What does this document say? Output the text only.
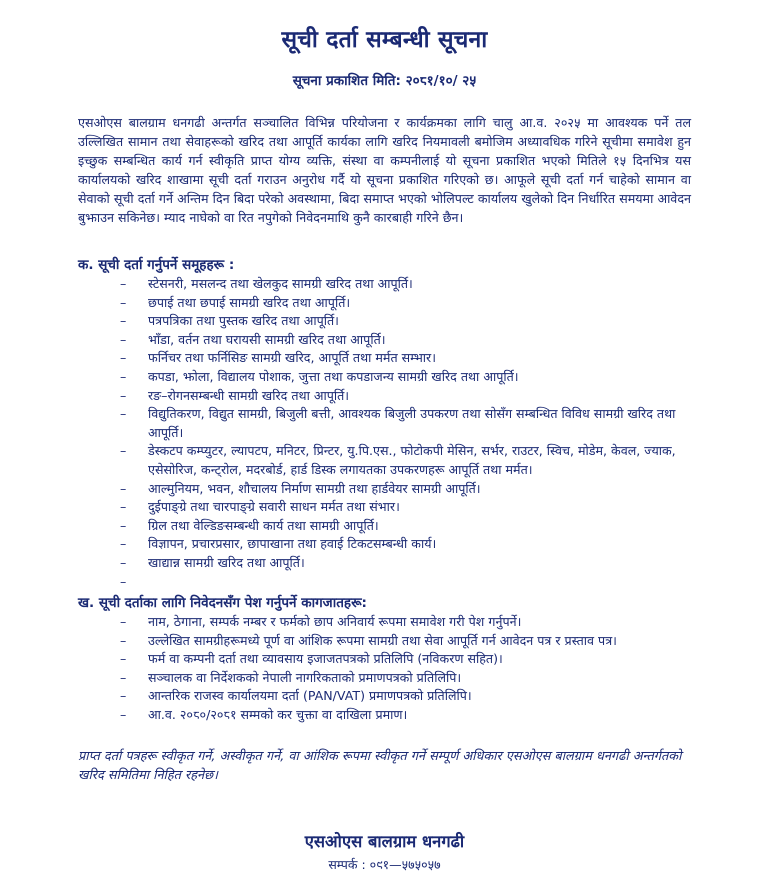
सूची दर्ता सम्बन्धी सूचना
सूचना प्रकाशित मिति: २०८१/१०/ २५

एसओएस बालग्राम धनगढी अन्तर्गत सञ्चालित विभिन्न परियोजना र कार्यक्रमका लागि चालु आ.व. २०२५ मा आवश्यक पर्ने तल उल्लिखित सामान तथा सेवाहरूको खरिद तथा आपूर्ति कार्यका लागि खरिद नियमावली बमोजिम अध्यावधिक गरिने सूचीमा समावेश हुन इच्छुक सम्बन्धित कार्य गर्न स्वीकृति प्राप्त योग्य व्यक्ति, संस्था वा कम्पनीलाई यो सूचना प्रकाशित भएको मितिले १५ दिनभित्र यस कार्यालयको खरिद शाखामा सूची दर्ता गराउन अनुरोध गर्दै यो सूचना प्रकाशित गरिएको छ। आफूले सूची दर्ता गर्न चाहेको सामान वा सेवाको सूची दर्ता गर्ने अन्तिम दिन बिदा परेको अवस्थामा, बिदा समाप्त भएको भोलिपल्ट कार्यालय खुलेको दिन निर्धारित समयमा आवेदन बुझाउन सकिनेछ। म्याद नाघेको वा रित नपुगेको निवेदनमाथि कुनै कारबाही गरिने छैन।

क. सूची दर्ता गर्नुपर्ने समूहहरू :
–	स्टेसनरी, मसलन्द तथा खेलकुद सामग्री खरिद तथा आपूर्ति।
–	छपाई तथा छपाई सामग्री खरिद तथा आपूर्ति।
–	पत्रपत्रिका तथा पुस्तक खरिद तथा आपूर्ति।
–	भाँडा, वर्तन तथा घरायसी सामग्री खरिद तथा आपूर्ति।
–	फर्निचर तथा फर्निसिङ सामग्री खरिद, आपूर्ति तथा मर्मत सम्भार।
–	कपडा, झोला, विद्यालय पोशाक, जुत्ता तथा कपडाजन्य सामग्री खरिद तथा आपूर्ति।
–	रङ–रोगनसम्बन्धी सामग्री खरिद तथा आपूर्ति।
–	विद्युतिकरण, विद्युत सामग्री, बिजुली बत्ती, आवश्यक बिजुली उपकरण तथा सोसँग सम्बन्धित विविध सामग्री खरिद तथा आपूर्ति।
–	डेस्कटप कम्प्युटर, ल्यापटप, मनिटर, प्रिन्टर, यु.पि.एस., फोटोकपी मेसिन, सर्भर, राउटर, स्विच, मोडेम, केवल, ज्याक, एसेसोरिज, कन्ट्रोल, मदरबोर्ड, हार्ड डिस्क लगायतका उपकरणहरू आपूर्ति तथा मर्मत।
–	आल्मुनियम, भवन, शौचालय निर्माण सामग्री तथा हार्डवेयर सामग्री आपूर्ति।
–	दुईपाङ्ग्रे तथा चारपाङ्ग्रे सवारी साधन मर्मत तथा संभार।
–	ग्रिल तथा वेल्डिङसम्बन्धी कार्य तथा सामग्री आपूर्ति।
–	विज्ञापन, प्रचारप्रसार, छापाखाना तथा हवाई टिकटसम्बन्धी कार्य।
–	खाद्यान्न सामग्री खरिद तथा आपूर्ति।
–
ख. सूची दर्ताका लागि निवेदनसँग पेश गर्नुपर्ने कागजातहरू:
–	नाम, ठेगाना, सम्पर्क नम्बर र फर्मको छाप अनिवार्य रूपमा समावेश गरी पेश गर्नुपर्ने।
–	उल्लेखित सामग्रीहरूमध्ये पूर्ण वा आंशिक रूपमा सामग्री तथा सेवा आपूर्ति गर्न आवेदन पत्र र प्रस्ताव पत्र।
–	फर्म वा कम्पनी दर्ता तथा व्यावसाय इजाजतपत्रको प्रतिलिपि (नविकरण सहित)।
–	सञ्चालक वा निर्देशकको नेपाली नागरिकताको प्रमाणपत्रको प्रतिलिपि।
–	आन्तरिक राजस्व कार्यालयमा दर्ता (PAN/VAT) प्रमाणपत्रको प्रतिलिपि।
–	आ.व. २०८०/२०८१ सम्मको कर चुक्ता वा दाखिला प्रमाण।

प्राप्त दर्ता पत्रहरू स्वीकृत गर्ने, अस्वीकृत गर्ने, वा आंशिक रूपमा स्वीकृत गर्ने सम्पूर्ण अधिकार एसओएस बालग्राम धनगढी अन्तर्गतको खरिद समितिमा निहित रहनेछ।

एसओएस बालग्राम धनगढी
सम्पर्क : ०९१—५७५०५७
